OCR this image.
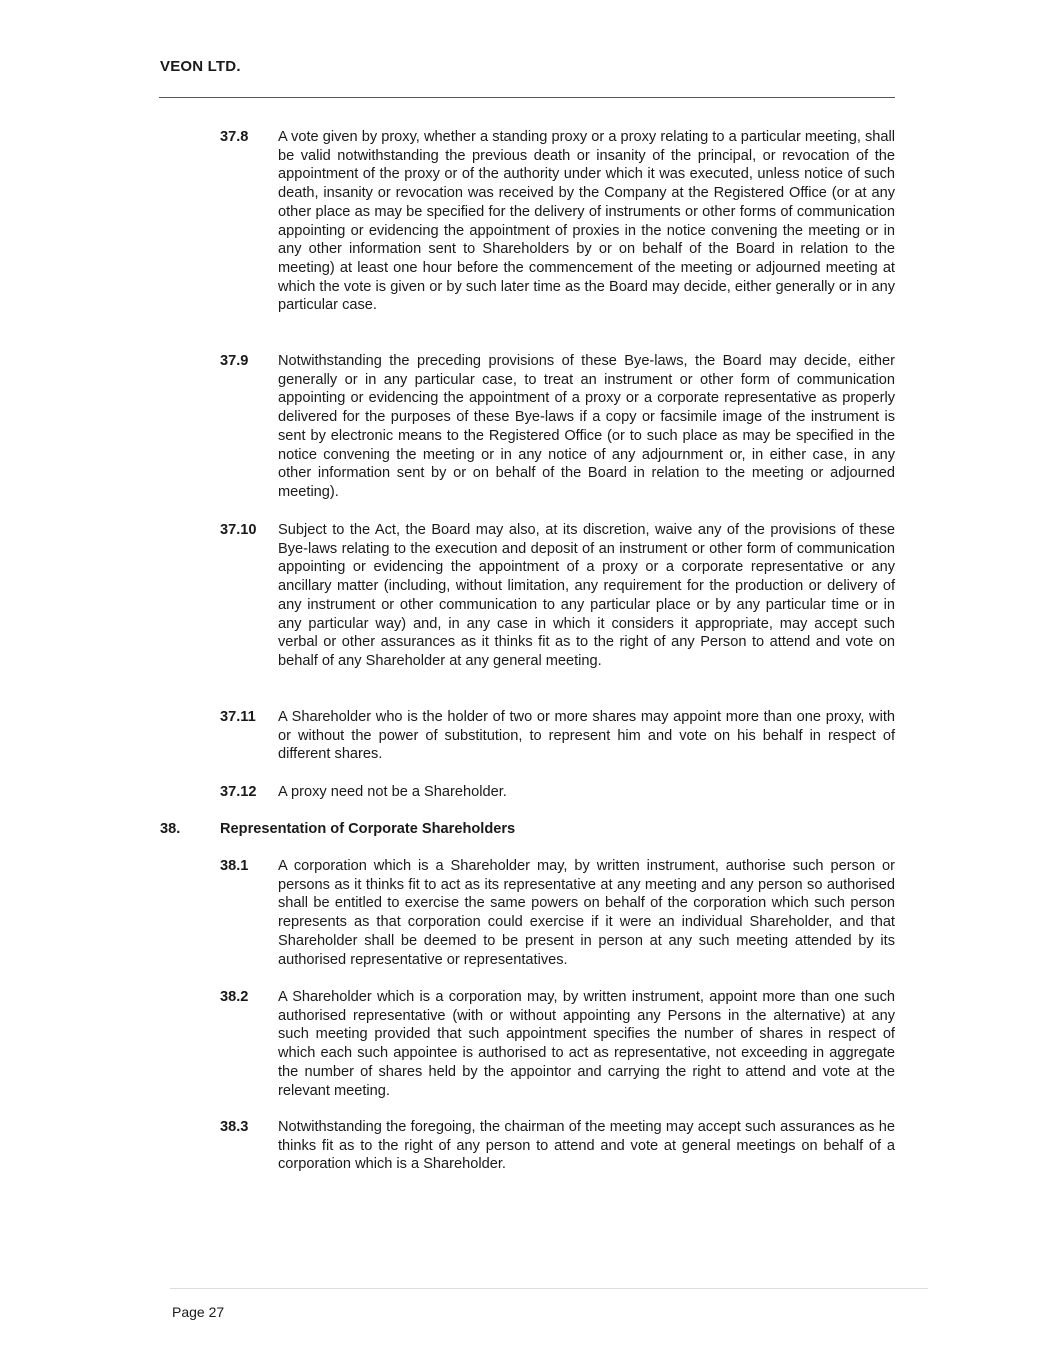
VEON LTD.
37.8 A vote given by proxy, whether a standing proxy or a proxy relating to a particular meeting, shall be valid notwithstanding the previous death or insanity of the principal, or revocation of the appointment of the proxy or of the authority under which it was executed, unless notice of such death, insanity or revocation was received by the Company at the Registered Office (or at any other place as may be specified for the delivery of instruments or other forms of communication appointing or evidencing the appointment of proxies in the notice convening the meeting or in any other information sent to Shareholders by or on behalf of the Board in relation to the meeting) at least one hour before the commencement of the meeting or adjourned meeting at which the vote is given or by such later time as the Board may decide, either generally or in any particular case.
37.9 Notwithstanding the preceding provisions of these Bye-laws, the Board may decide, either generally or in any particular case, to treat an instrument or other form of communication appointing or evidencing the appointment of a proxy or a corporate representative as properly delivered for the purposes of these Bye-laws if a copy or facsimile image of the instrument is sent by electronic means to the Registered Office (or to such place as may be specified in the notice convening the meeting or in any notice of any adjournment or, in either case, in any other information sent by or on behalf of the Board in relation to the meeting or adjourned meeting).
37.10 Subject to the Act, the Board may also, at its discretion, waive any of the provisions of these Bye-laws relating to the execution and deposit of an instrument or other form of communication appointing or evidencing the appointment of a proxy or a corporate representative or any ancillary matter (including, without limitation, any requirement for the production or delivery of any instrument or other communication to any particular place or by any particular time or in any particular way) and, in any case in which it considers it appropriate, may accept such verbal or other assurances as it thinks fit as to the right of any Person to attend and vote on behalf of any Shareholder at any general meeting.
37.11 A Shareholder who is the holder of two or more shares may appoint more than one proxy, with or without the power of substitution, to represent him and vote on his behalf in respect of different shares.
37.12 A proxy need not be a Shareholder.
38.	Representation of Corporate Shareholders
38.1 A corporation which is a Shareholder may, by written instrument, authorise such person or persons as it thinks fit to act as its representative at any meeting and any person so authorised shall be entitled to exercise the same powers on behalf of the corporation which such person represents as that corporation could exercise if it were an individual Shareholder, and that Shareholder shall be deemed to be present in person at any such meeting attended by its authorised representative or representatives.
38.2 A Shareholder which is a corporation may, by written instrument, appoint more than one such authorised representative (with or without appointing any Persons in the alternative) at any such meeting provided that such appointment specifies the number of shares in respect of which each such appointee is authorised to act as representative, not exceeding in aggregate the number of shares held by the appointor and carrying the right to attend and vote at the relevant meeting.
38.3 Notwithstanding the foregoing, the chairman of the meeting may accept such assurances as he thinks fit as to the right of any person to attend and vote at general meetings on behalf of a corporation which is a Shareholder.
Page 27
